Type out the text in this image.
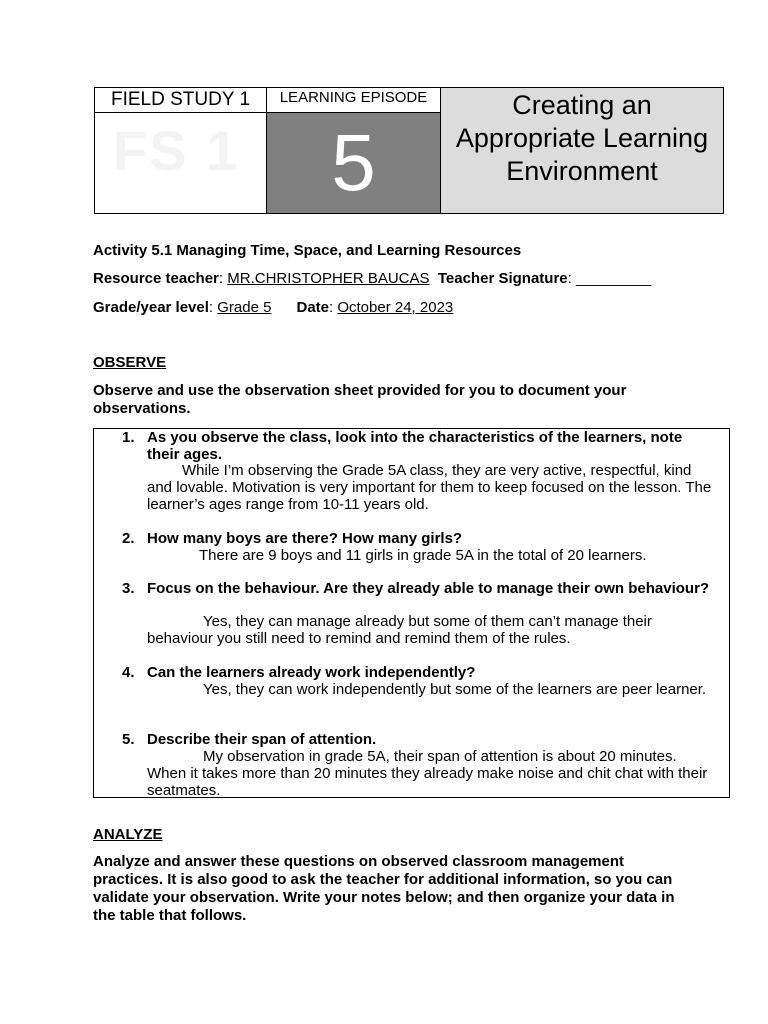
FIELD STUDY 1
FS 1
LEARNING EPISODE
5
Creating an
Appropriate Learning
Environment
Activity 5.1 Managing Time, Space, and Learning Resources
Resource teacher: MR.CHRISTOPHER BAUCAS Teacher Signature: _________
Grade/year level: Grade 5 Date: October 24, 2023
OBSERVE
Observe and use the observation sheet provided for you to document your observations.
1. As you observe the class, look into the characteristics of the learners, note their ages.
While I’m observing the Grade 5A class, they are very active, respectful, kind and lovable. Motivation is very important for them to keep focused on the lesson. The learner’s ages range from 10-11 years old.
2. How many boys are there? How many girls?
There are 9 boys and 11 girls in grade 5A in the total of 20 learners.
3. Focus on the behaviour. Are they already able to manage their own behaviour?
Yes, they can manage already but some of them can’t manage their behaviour you still need to remind and remind them of the rules.
4. Can the learners already work independently?
Yes, they can work independently but some of the learners are peer learner.
5. Describe their span of attention.
My observation in grade 5A, their span of attention is about 20 minutes. When it takes more than 20 minutes they already make noise and chit chat with their seatmates.
ANALYZE
Analyze and answer these questions on observed classroom management practices. It is also good to ask the teacher for additional information, so you can validate your observation. Write your notes below; and then organize your data in the table that follows.
